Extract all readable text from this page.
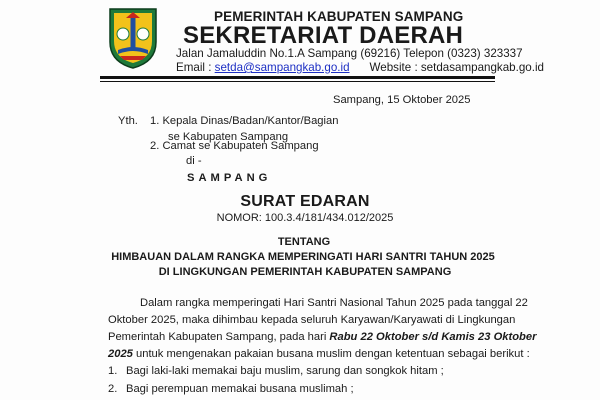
PEMERINTAH KABUPATEN SAMPANG
SEKRETARIAT DAERAH
Jalan Jamaluddin No.1.A Sampang (69216) Telepon (0323) 323337
Email : setda@sampangkab.go.id Website : setdasampangkab.go.id
Sampang, 15 Oktober 2025
Yth. 1. Kepala Dinas/Badan/Kantor/Bagian
se Kabupaten Sampang
2. Camat se Kabupaten Sampang
di -
SAMPANG
SURAT EDARAN
NOMOR: 100.3.4/181/434.012/2025
TENTANG
HIMBAUAN DALAM RANGKA MEMPERINGATI HARI SANTRI TAHUN 2025
DI LINGKUNGAN PEMERINTAH KABUPATEN SAMPANG
Dalam rangka memperingati Hari Santri Nasional Tahun 2025 pada tanggal 22
Oktober 2025, maka dihimbau kepada seluruh Karyawan/Karyawati di Lingkungan
Pemerintah Kabupaten Sampang, pada hari Rabu 22 Oktober s/d Kamis 23 Oktober
2025 untuk mengenakan pakaian busana muslim dengan ketentuan sebagai berikut :
1. Bagi laki-laki memakai baju muslim, sarung dan songkok hitam ;
2. Bagi perempuan memakai busana muslimah ;
